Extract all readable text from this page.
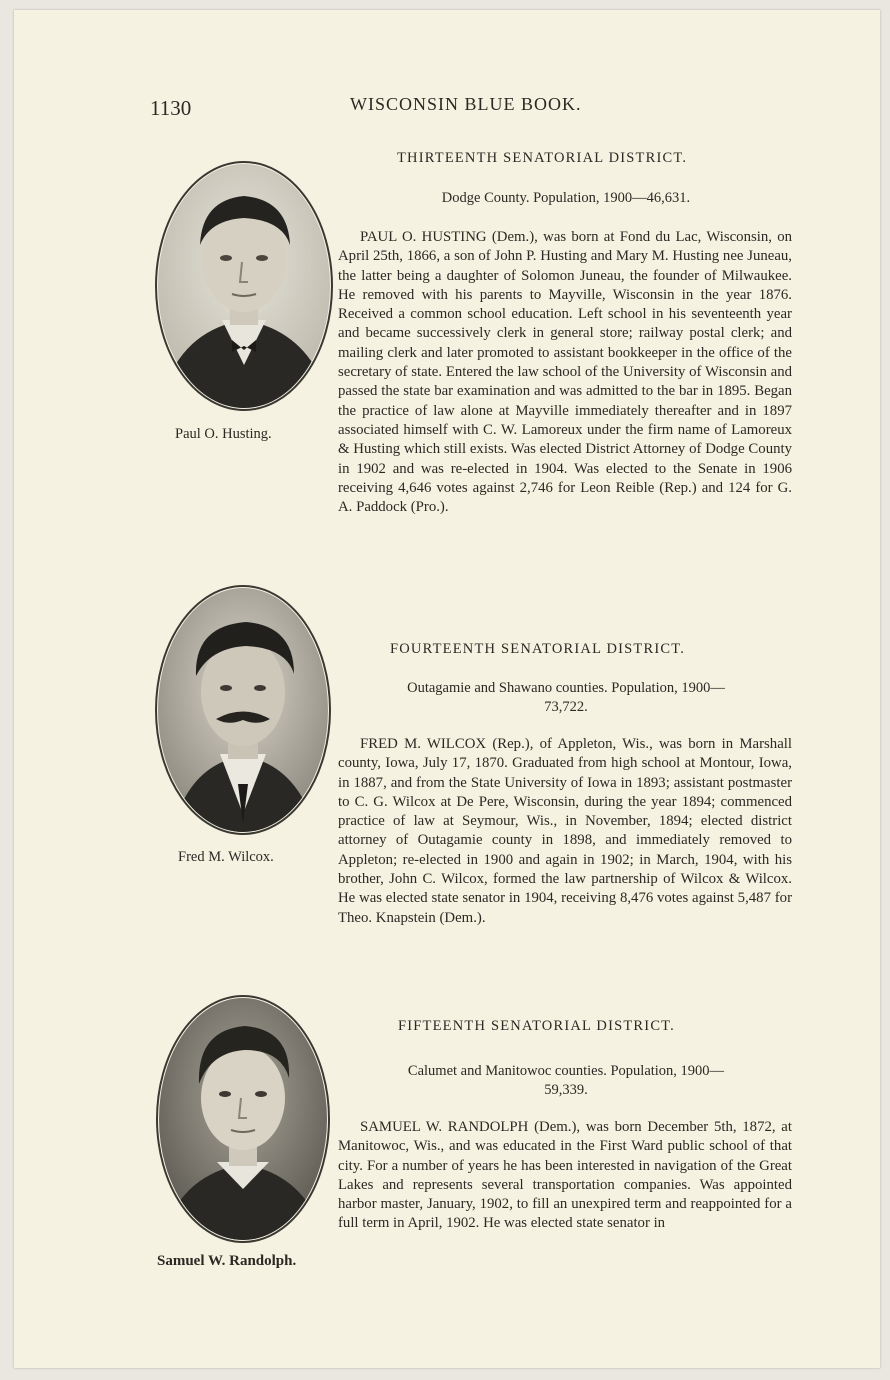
1130	WISCONSIN BLUE BOOK.
THIRTEENTH SENATORIAL DISTRICT.
Dodge County. Population, 1900—46,631.
Paul O. Husting.

PAUL O. HUSTING (Dem.), was born at Fond du Lac, Wisconsin, on April 25th, 1866, a son of John P. Husting and Mary M. Husting nee Juneau, the latter being a daughter of Solomon Juneau, the founder of Milwaukee. He removed with his parents to Mayville, Wisconsin in the year 1876. Received a common school education. Left school in his seventeenth year and became successively clerk in general store; railway postal clerk; and mailing clerk and later promoted to assistant bookkeeper in the office of the secretary of state. Entered the law school of the University of Wisconsin and passed the state bar examination and was admitted to the bar in 1895. Began the practice of law alone at Mayville immediately thereafter and in 1897 associated himself with C. W. Lamoreux under the firm name of Lamoreux & Husting which still exists. Was elected District Attorney of Dodge County in 1902 and was re-elected in 1904. Was elected to the Senate in 1906 receiving 4,646 votes against 2,746 for Leon Reible (Rep.) and 124 for G. A. Paddock (Pro.).

FOURTEENTH SENATORIAL DISTRICT.
Outagamie and Shawano counties. Population, 1900—
73,722.
Fred M. Wilcox.

FRED M. WILCOX (Rep.), of Appleton, Wis., was born in Marshall county, Iowa, July 17, 1870. Graduated from high school at Montour, Iowa, in 1887, and from the State University of Iowa in 1893; assistant postmaster to C. G. Wilcox at De Pere, Wisconsin, during the year 1894; commenced practice of law at Seymour, Wis., in November, 1894; elected district attorney of Outagamie county in 1898, and immediately removed to Appleton; re-elected in 1900 and again in 1902; in March, 1904, with his brother, John C. Wilcox, formed the law partnership of Wilcox & Wilcox. He was elected state senator in 1904, receiving 8,476 votes against 5,487 for Theo. Knapstein (Dem.).

FIFTEENTH SENATORIAL DISTRICT.
Calumet and Manitowoc counties. Population, 1900—
59,339.
Samuel W. Randolph.

SAMUEL W. RANDOLPH (Dem.), was born December 5th, 1872, at Manitowoc, Wis., and was educated in the First Ward public school of that city. For a number of years he has been interested in navigation of the Great Lakes and represents several transportation companies. Was appointed harbor master, January, 1902, to fill an unexpired term and reappointed for a full term in April, 1902. He was elected state senator in
